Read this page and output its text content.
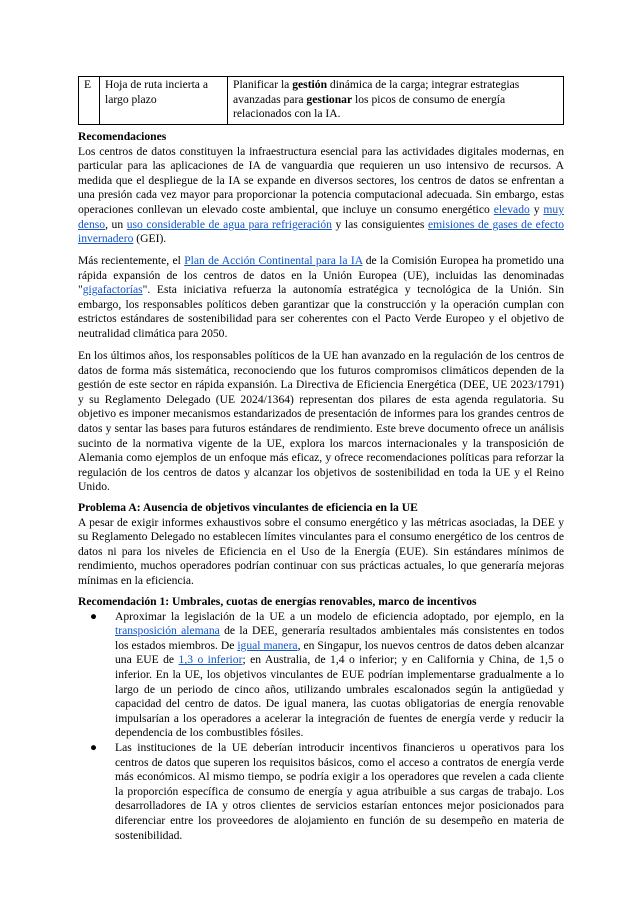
E	Hoja de ruta incierta a largo plazo	Planificar la gestión dinámica de la carga; integrar estrategias avanzadas para gestionar los picos de consumo de energía relacionados con la IA.

Recomendaciones

Los centros de datos constituyen la infraestructura esencial para las actividades digitales modernas, en particular para las aplicaciones de IA de vanguardia que requieren un uso intensivo de recursos. A medida que el despliegue de la IA se expande en diversos sectores, los centros de datos se enfrentan a una presión cada vez mayor para proporcionar la potencia computacional adecuada. Sin embargo, estas operaciones conllevan un elevado coste ambiental, que incluye un consumo energético elevado y muy denso, un uso considerable de agua para refrigeración y las consiguientes emisiones de gases de efecto invernadero (GEI).

Más recientemente, el Plan de Acción Continental para la IA de la Comisión Europea ha prometido una rápida expansión de los centros de datos en la Unión Europea (UE), incluidas las denominadas "gigafactorías". Esta iniciativa refuerza la autonomía estratégica y tecnológica de la Unión. Sin embargo, los responsables políticos deben garantizar que la construcción y la operación cumplan con estrictos estándares de sostenibilidad para ser coherentes con el Pacto Verde Europeo y el objetivo de neutralidad climática para 2050.

En los últimos años, los responsables políticos de la UE han avanzado en la regulación de los centros de datos de forma más sistemática, reconociendo que los futuros compromisos climáticos dependen de la gestión de este sector en rápida expansión. La Directiva de Eficiencia Energética (DEE, UE 2023/1791) y su Reglamento Delegado (UE 2024/1364) representan dos pilares de esta agenda regulatoria. Su objetivo es imponer mecanismos estandarizados de presentación de informes para los grandes centros de datos y sentar las bases para futuros estándares de rendimiento. Este breve documento ofrece un análisis sucinto de la normativa vigente de la UE, explora los marcos internacionales y la transposición de Alemania como ejemplos de un enfoque más eficaz, y ofrece recomendaciones políticas para reforzar la regulación de los centros de datos y alcanzar los objetivos de sostenibilidad en toda la UE y el Reino Unido.

Problema A: Ausencia de objetivos vinculantes de eficiencia en la UE

A pesar de exigir informes exhaustivos sobre el consumo energético y las métricas asociadas, la DEE y su Reglamento Delegado no establecen límites vinculantes para el consumo energético de los centros de datos ni para los niveles de Eficiencia en el Uso de la Energía (EUE). Sin estándares mínimos de rendimiento, muchos operadores podrían continuar con sus prácticas actuales, lo que generaría mejoras mínimas en la eficiencia.

Recomendación 1: Umbrales, cuotas de energías renovables, marco de incentivos

● Aproximar la legislación de la UE a un modelo de eficiencia adoptado, por ejemplo, en la transposición alemana de la DEE, generaría resultados ambientales más consistentes en todos los estados miembros. De igual manera, en Singapur, los nuevos centros de datos deben alcanzar una EUE de 1,3 o inferior; en Australia, de 1,4 o inferior; y en California y China, de 1,5 o inferior. En la UE, los objetivos vinculantes de EUE podrían implementarse gradualmente a lo largo de un periodo de cinco años, utilizando umbrales escalonados según la antigüedad y capacidad del centro de datos. De igual manera, las cuotas obligatorias de energía renovable impulsarían a los operadores a acelerar la integración de fuentes de energía verde y reducir la dependencia de los combustibles fósiles.
● Las instituciones de la UE deberían introducir incentivos financieros u operativos para los centros de datos que superen los requisitos básicos, como el acceso a contratos de energía verde más económicos. Al mismo tiempo, se podría exigir a los operadores que revelen a cada cliente la proporción específica de consumo de energía y agua atribuible a sus cargas de trabajo. Los desarrolladores de IA y otros clientes de servicios estarían entonces mejor posicionados para diferenciar entre los proveedores de alojamiento en función de su desempeño en materia de sostenibilidad.
